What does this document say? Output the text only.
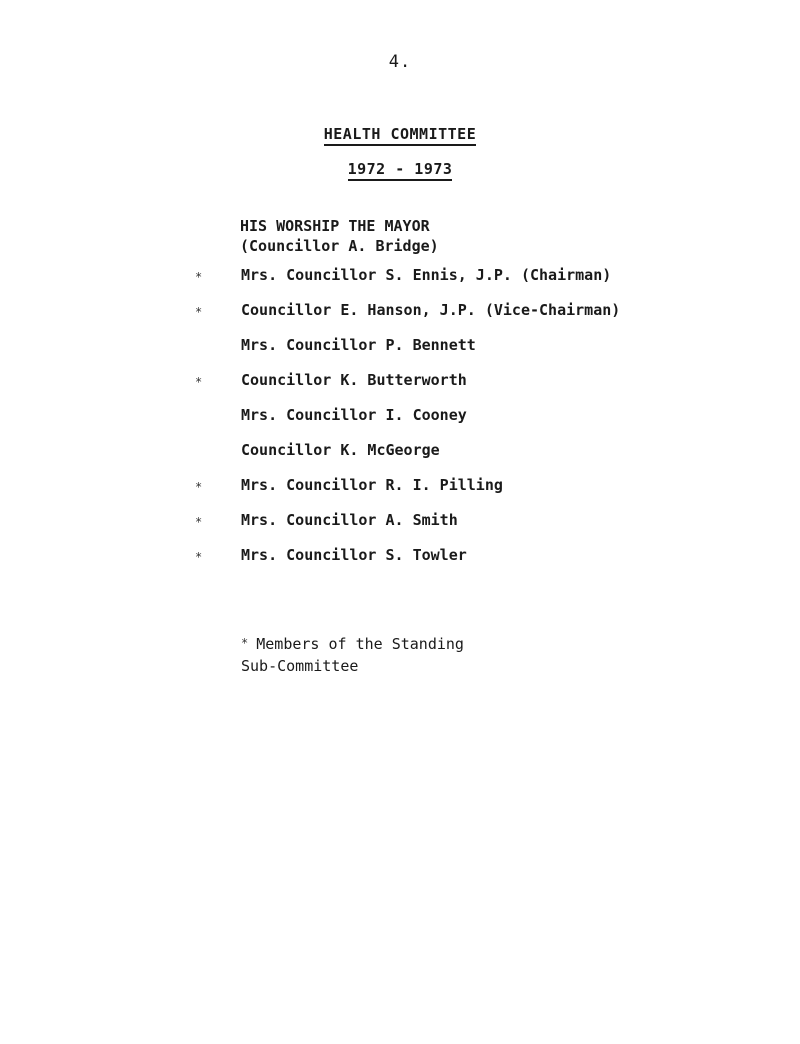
4.
HEALTH COMMITTEE
1972 - 1973
HIS WORSHIP THE MAYOR
(Councillor A. Bridge)
*	Mrs. Councillor S. Ennis, J.P. (Chairman)
*	Councillor E. Hanson, J.P. (Vice-Chairman)
Mrs. Councillor P. Bennett
*	Councillor K. Butterworth
Mrs. Councillor I. Cooney
Councillor K. McGeorge
*	Mrs. Councillor R. I. Pilling
*	Mrs. Councillor A. Smith
*	Mrs. Councillor S. Towler
* Members of the Standing
Sub-Committee
